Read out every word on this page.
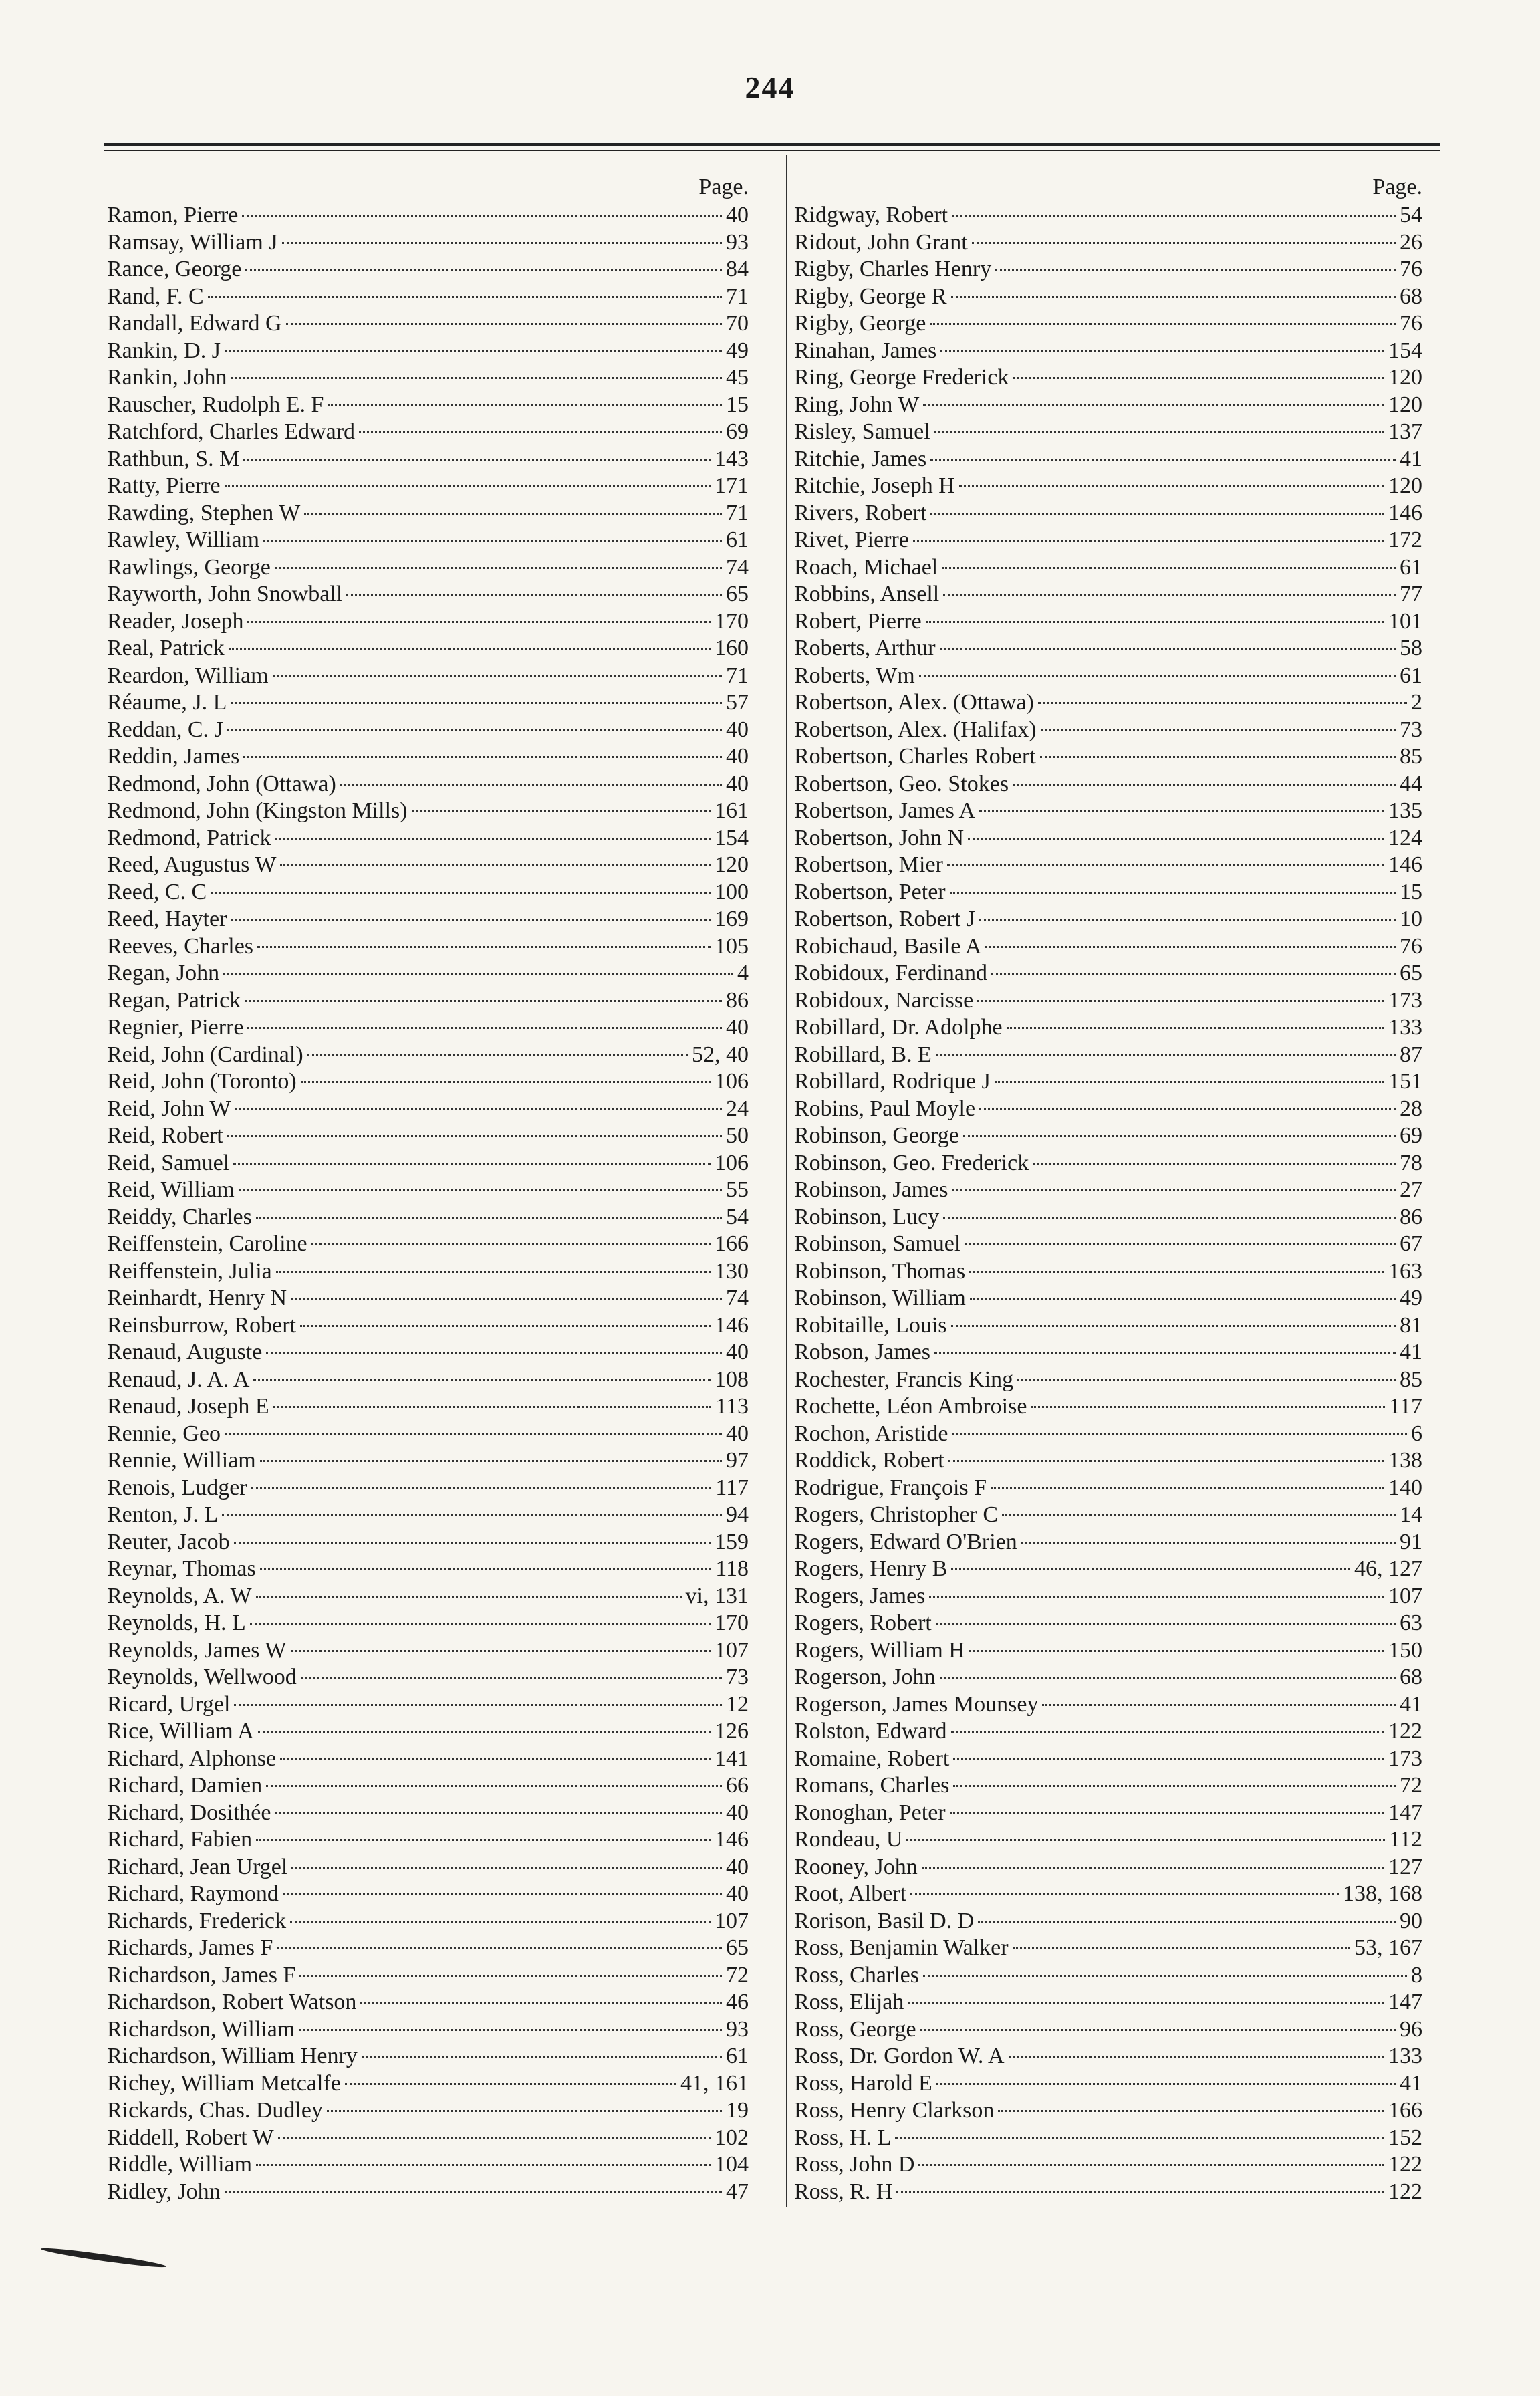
244
Page.
Ramon, Pierre	40
Ramsay, William J	93
Rance, George	84
Rand, F. C	71
Randall, Edward G	70
Rankin, D. J	49
Rankin, John	45
Rauscher, Rudolph E. F	15
Ratchford, Charles Edward	69
Rathbun, S. M	143
Ratty, Pierre	171
Rawding, Stephen W	71
Rawley, William	61
Rawlings, George	74
Rayworth, John Snowball	65
Reader, Joseph	170
Real, Patrick	160
Reardon, William	71
Réaume, J. L	57
Reddan, C. J	40
Reddin, James	40
Redmond, John (Ottawa)	40
Redmond, John (Kingston Mills)	161
Redmond, Patrick	154
Reed, Augustus W	120
Reed, C. C	100
Reed, Hayter	169
Reeves, Charles	105
Regan, John	4
Regan, Patrick	86
Regnier, Pierre	40
Reid, John (Cardinal)	52, 40
Reid, John (Toronto)	106
Reid, John W	24
Reid, Robert	50
Reid, Samuel	106
Reid, William	55
Reiddy, Charles	54
Reiffenstein, Caroline	166
Reiffenstein, Julia	130
Reinhardt, Henry N	74
Reinsburrow, Robert	146
Renaud, Auguste	40
Renaud, J. A. A	108
Renaud, Joseph E	113
Rennie, Geo	40
Rennie, William	97
Renois, Ludger	117
Renton, J. L	94
Reuter, Jacob	159
Reynar, Thomas	118
Reynolds, A. W	vi, 131
Reynolds, H. L	170
Reynolds, James W	107
Reynolds, Wellwood	73
Ricard, Urgel	12
Rice, William A	126
Richard, Alphonse	141
Richard, Damien	66
Richard, Dosithée	40
Richard, Fabien	146
Richard, Jean Urgel	40
Richard, Raymond	40
Richards, Frederick	107
Richards, James F	65
Richardson, James F	72
Richardson, Robert Watson	46
Richardson, William	93
Richardson, William Henry	61
Richey, William Metcalfe	41, 161
Rickards, Chas. Dudley	19
Riddell, Robert W	102
Riddle, William	104
Ridley, John	47
Page.
Ridgway, Robert	54
Ridout, John Grant	26
Rigby, Charles Henry	76
Rigby, George R	68
Rigby, George	76
Rinahan, James	154
Ring, George Frederick	120
Ring, John W	120
Risley, Samuel	137
Ritchie, James	41
Ritchie, Joseph H	120
Rivers, Robert	146
Rivet, Pierre	172
Roach, Michael	61
Robbins, Ansell	77
Robert, Pierre	101
Roberts, Arthur	58
Roberts, Wm	61
Robertson, Alex. (Ottawa)	2
Robertson, Alex. (Halifax)	73
Robertson, Charles Robert	85
Robertson, Geo. Stokes	44
Robertson, James A	135
Robertson, John N	124
Robertson, Mier	146
Robertson, Peter	15
Robertson, Robert J	10
Robichaud, Basile A	76
Robidoux, Ferdinand	65
Robidoux, Narcisse	173
Robillard, Dr. Adolphe	133
Robillard, B. E	87
Robillard, Rodrique J	151
Robins, Paul Moyle	28
Robinson, George	69
Robinson, Geo. Frederick	78
Robinson, James	27
Robinson, Lucy	86
Robinson, Samuel	67
Robinson, Thomas	163
Robinson, William	49
Robitaille, Louis	81
Robson, James	41
Rochester, Francis King	85
Rochette, Léon Ambroise	117
Rochon, Aristide	6
Roddick, Robert	138
Rodrigue, François F	140
Rogers, Christopher C	14
Rogers, Edward O'Brien	91
Rogers, Henry B	46, 127
Rogers, James	107
Rogers, Robert	63
Rogers, William H	150
Rogerson, John	68
Rogerson, James Mounsey	41
Rolston, Edward	122
Romaine, Robert	173
Romans, Charles	72
Ronoghan, Peter	147
Rondeau, U	112
Rooney, John	127
Root, Albert	138, 168
Rorison, Basil D. D	90
Ross, Benjamin Walker	53, 167
Ross, Charles	8
Ross, Elijah	147
Ross, George	96
Ross, Dr. Gordon W. A	133
Ross, Harold E	41
Ross, Henry Clarkson	166
Ross, H. L	152
Ross, John D	122
Ross, R. H	122
